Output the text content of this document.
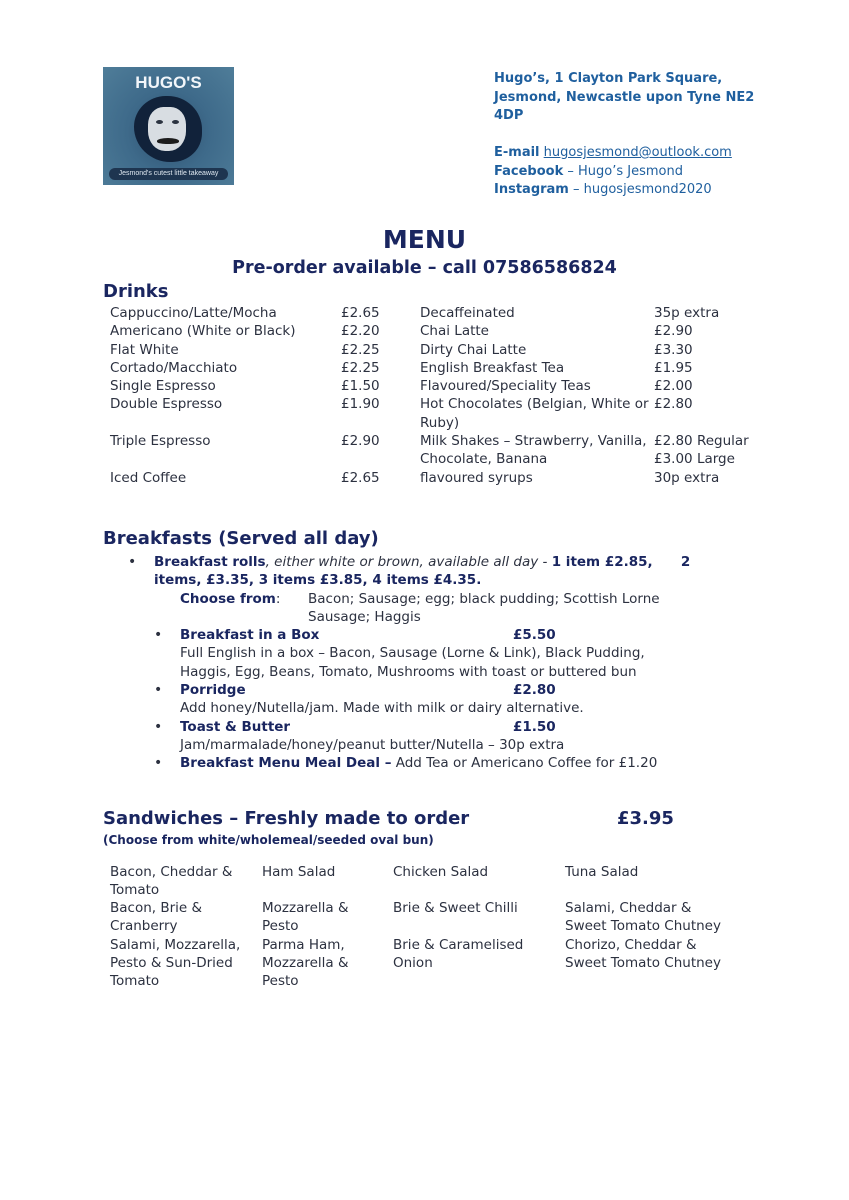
HUGO'S
Jesmond's cutest little takeaway
Hugo’s, 1 Clayton Park Square,
Jesmond, Newcastle upon Tyne NE2
4DP
E-mail hugosjesmond@outlook.com
Facebook – Hugo’s Jesmond
Instagram – hugosjesmond2020
MENU
Pre-order available – call 07586586824
Drinks
Cappuccino/Latte/Mocha	£2.65	Decaffeinated	35p extra
Americano (White or Black)	£2.20	Chai Latte	£2.90
Flat White	£2.25	Dirty Chai Latte	£3.30
Cortado/Macchiato	£2.25	English Breakfast Tea	£1.95
Single Espresso	£1.50	Flavoured/Speciality Teas	£2.00
Double Espresso	£1.90	Hot Chocolates (Belgian, White or Ruby)	£2.80
Triple Espresso	£2.90	Milk Shakes – Strawberry, Vanilla, Chocolate, Banana	£2.80 Regular £3.00 Large
Iced Coffee	£2.65	flavoured syrups	30p extra
Breakfasts (Served all day)
• Breakfast rolls, either white or brown, available all day - 1 item £2.85,      2
items, £3.35, 3 items £3.85, 4 items £4.35.
Choose from:	Bacon; Sausage; egg; black pudding; Scottish Lorne
Sausage; Haggis
• Breakfast in a Box	£5.50
Full English in a box – Bacon, Sausage (Lorne & Link), Black Pudding,
Haggis, Egg, Beans, Tomato, Mushrooms with toast or buttered bun
• Porridge	£2.80
Add honey/Nutella/jam. Made with milk or dairy alternative.
• Toast & Butter	£1.50
Jam/marmalade/honey/peanut butter/Nutella – 30p extra
• Breakfast Menu Meal Deal – Add Tea or Americano Coffee for £1.20
Sandwiches – Freshly made to order	£3.95
(Choose from white/wholemeal/seeded oval bun)
Bacon, Cheddar & Tomato	Ham Salad	Chicken Salad	Tuna Salad
Bacon, Brie & Cranberry	Mozzarella & Pesto	Brie & Sweet Chilli	Salami, Cheddar & Sweet Tomato Chutney
Salami, Mozzarella, Pesto & Sun-Dried Tomato	Parma Ham, Mozzarella & Pesto	Brie & Caramelised Onion	Chorizo, Cheddar & Sweet Tomato Chutney
